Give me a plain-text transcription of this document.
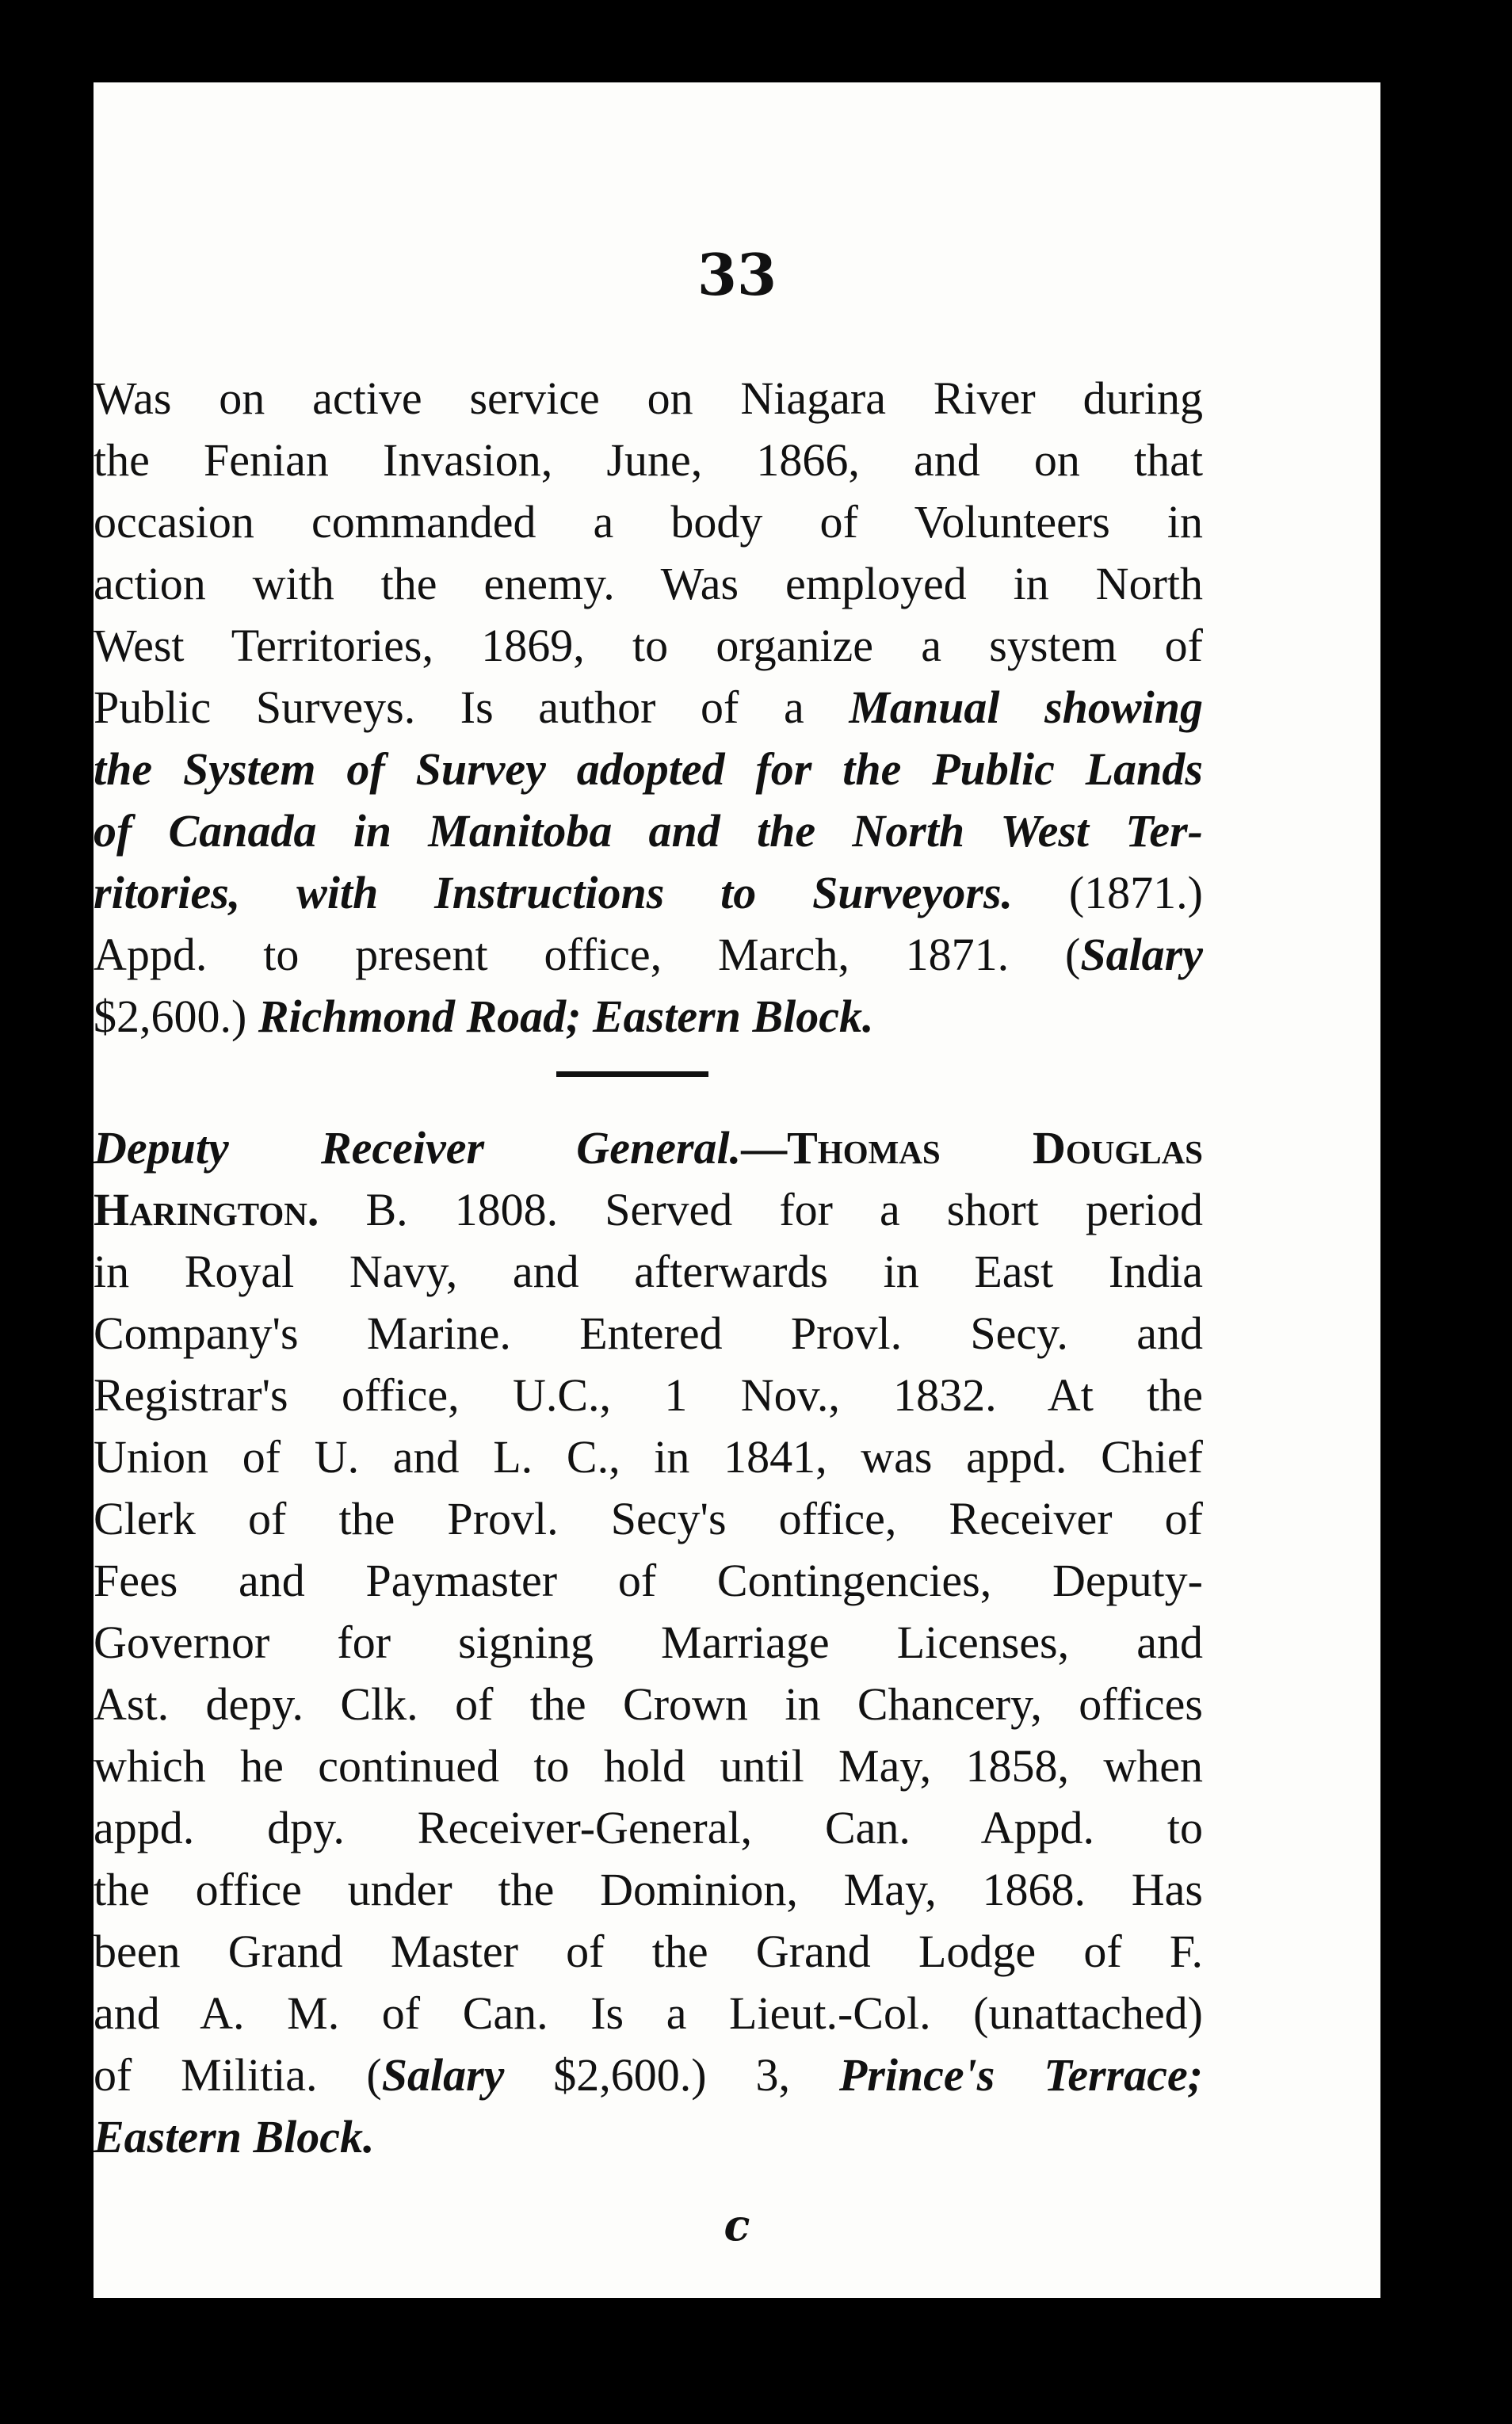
33
Was on active service on Niagara River during
the Fenian Invasion, June, 1866, and on that
occasion commanded a body of Volunteers in
action with the enemy. Was employed in North
West Territories, 1869, to organize a system of
Public Surveys. Is author of a Manual showing
the System of Survey adopted for the Public Lands
of Canada in Manitoba and the North West Ter-
ritories, with Instructions to Surveyors. (1871.)
Appd. to present office, March, 1871. (Salary
$2,600.) Richmond Road; Eastern Block.
Deputy Receiver General.—Thomas Douglas
Harington. B. 1808. Served for a short period
in Royal Navy, and afterwards in East India
Company's Marine. Entered Provl. Secy. and
Registrar's office, U.C., 1 Nov., 1832. At the
Union of U. and L. C., in 1841, was appd. Chief
Clerk of the Provl. Secy's office, Receiver of
Fees and Paymaster of Contingencies, Deputy-
Governor for signing Marriage Licenses, and
Ast. depy. Clk. of the Crown in Chancery, offices
which he continued to hold until May, 1858, when
appd. dpy. Receiver-General, Can. Appd. to
the office under the Dominion, May, 1868. Has
been Grand Master of the Grand Lodge of F.
and A. M. of Can. Is a Lieut.-Col. (unattached)
of Militia. (Salary $2,600.) 3, Prince's Terrace;
Eastern Block.
c
